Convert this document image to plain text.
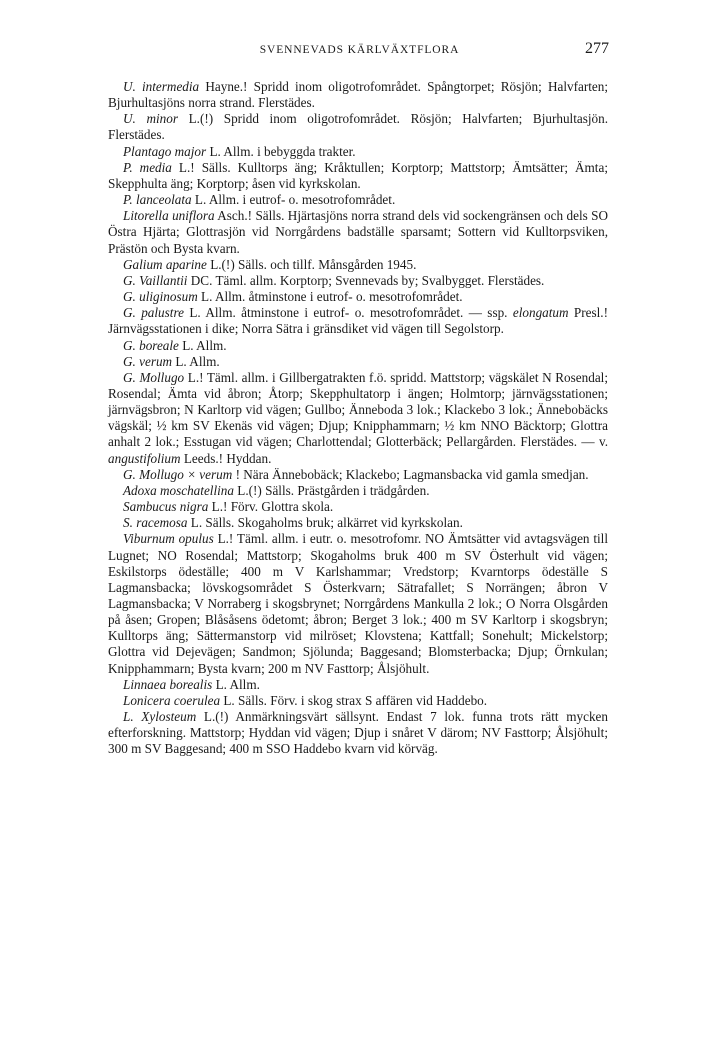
SVENNEVADS KÄRLVÄXTFLORA	277

U. intermedia Hayne.! Spridd inom oligotrofområdet. Spångtorpet; Rösjön; Halvfarten; Bjurhultasjöns norra strand. Flerstädes.

U. minor L.(!) Spridd inom oligotrofområdet. Rösjön; Halvfarten; Bjurhultasjön. Flerstädes.

Plantago major L. Allm. i bebyggda trakter.

P. media L.! Sälls. Kulltorps äng; Kråktullen; Korptorp; Mattstorp; Ämtsätter; Ämta; Skepphulta äng; Korptorp; åsen vid kyrkskolan.

P. lanceolata L. Allm. i eutrof- o. mesotrofområdet.

Litorella uniflora Asch.! Sälls. Hjärtasjöns norra strand dels vid sockengränsen och dels SO Östra Hjärta; Glottrasjön vid Norrgårdens badställe sparsamt; Sottern vid Kulltorpsviken, Prästön och Bysta kvarn.

Galium aparine L.(!) Sälls. och tillf. Månsgården 1945.

G. Vaillantii DC. Täml. allm. Korptorp; Svennevads by; Svalbygget. Flerstädes.

G. uliginosum L. Allm. åtminstone i eutrof- o. mesotrofområdet.

G. palustre L. Allm. åtminstone i eutrof- o. mesotrofområdet. — ssp. elongatum Presl.! Järnvägsstationen i dike; Norra Sätra i gränsdiket vid vägen till Segolstorp.

G. boreale L. Allm.

G. verum L. Allm.

G. Mollugo L.! Täml. allm. i Gillbergatrakten f.ö. spridd. Mattstorp; vägskälet N Rosendal; Rosendal; Ämta vid åbron; Åtorp; Skepphultatorp i ängen; Holmtorp; järnvägsstationen; järnvägsbron; N Karltorp vid vägen; Gullbo; Änneboda 3 lok.; Klackebo 3 lok.; Ännebobäcks vägskäl; ½ km SV Ekenäs vid vägen; Djup; Knipphammarn; ½ km NNO Bäcktorp; Glottra anhalt 2 lok.; Esstugan vid vägen; Charlottendal; Glotterbäck; Pellargården. Flerstädes. — v. angustifolium Leeds.! Hyddan.

G. Mollugo × verum ! Nära Ännebobäck; Klackebo; Lagmansbacka vid gamla smedjan.

Adoxa moschatellina L.(!) Sälls. Prästgården i trädgården.

Sambucus nigra L.! Förv. Glottra skola.

S. racemosa L. Sälls. Skogaholms bruk; alkärret vid kyrkskolan.

Viburnum opulus L.! Täml. allm. i eutr. o. mesotrofomr. NO Ämtsätter vid avtagsvägen till Lugnet; NO Rosendal; Mattstorp; Skogaholms bruk 400 m SV Österhult vid vägen; Eskilstorps ödeställe; 400 m V Karlshammar; Vredstorp; Kvarntorps ödeställe S Lagmansbacka; lövskogsområdet S Österkvarn; Sätrafallet; S Norrängen; åbron V Lagmansbacka; V Norraberg i skogsbrynet; Norrgårdens Mankulla 2 lok.; O Norra Olsgården på åsen; Gropen; Blåsåsens ödetomt; åbron; Berget 3 lok.; 400 m SV Karltorp i skogsbryn; Kulltorps äng; Sättermanstorp vid milröset; Klovstena; Kattfall; Sonehult; Mickelstorp; Glottra vid Dejevägen; Sandmon; Sjölunda; Baggesand; Blomsterbacka; Djup; Örnkulan; Knipphammarn; Bysta kvarn; 200 m NV Fasttorp; Ålsjöhult.

Linnaea borealis L. Allm.

Lonicera coerulea L. Sälls. Förv. i skog strax S affären vid Haddebo.

L. Xylosteum L.(!) Anmärkningsvärt sällsynt. Endast 7 lok. funna trots rätt mycken efterforskning. Mattstorp; Hyddan vid vägen; Djup i snåret V därom; NV Fasttorp; Ålsjöhult; 300 m SV Baggesand; 400 m SSO Haddebo kvarn vid körväg.
